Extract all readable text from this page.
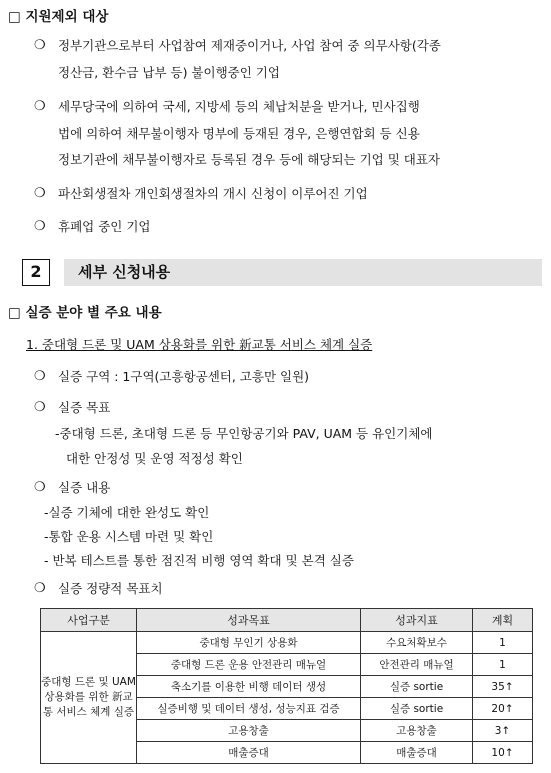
□ 지원제외 대상
❍ 정부기관으로부터 사업참여 제재중이거나, 사업 참여 중 의무사항(각종
정산금, 환수금 납부 등) 불이행중인 기업
❍ 세무당국에 의하여 국세, 지방세 등의 체납처분을 받거나, 민사집행
법에 의하여 채무불이행자 명부에 등재된 경우, 은행연합회 등 신용
정보기관에 채무불이행자로 등록된 경우 등에 해당되는 기업 및 대표자
❍ 파산회생절차 개인회생절차의 개시 신청이 이루어진 기업
❍ 휴폐업 중인 기업
2	세부 신청내용
□ 실증 분야 별 주요 내용
1. 중대형 드론 및 UAM 상용화를 위한 新교통 서비스 체계 실증
❍ 실증 구역 : 1구역(고흥항공센터, 고흥만 일원)
❍ 실증 목표
-중대형 드론, 초대형 드론 등 무인항공기와 PAV, UAM 등 유인기체에
대한 안정성 및 운영 적정성 확인
❍ 실증 내용
-실증 기체에 대한 완성도 확인
-통합 운용 시스템 마련 및 확인
- 반복 테스트를 통한 점진적 비행 영역 확대 및 본격 실증
❍ 실증 정량적 목표치
사업구분	성과목표	성과지표	계획
중대형 드론 및 UAM 상용화를 위한 新교통 서비스 체계 실증	중대형 무인기 상용화	수요처확보수	1
	중대형 드론 운용 안전관리 매뉴얼	안전관리 매뉴얼	1
	축소기를 이용한 비행 데이터 생성	실증 sortie	35↑
	실증비행 및 데이터 생성, 성능지표 검증	실증 sortie	20↑
	고용창출	고용창출	3↑
	매출증대	매출증대	10↑
